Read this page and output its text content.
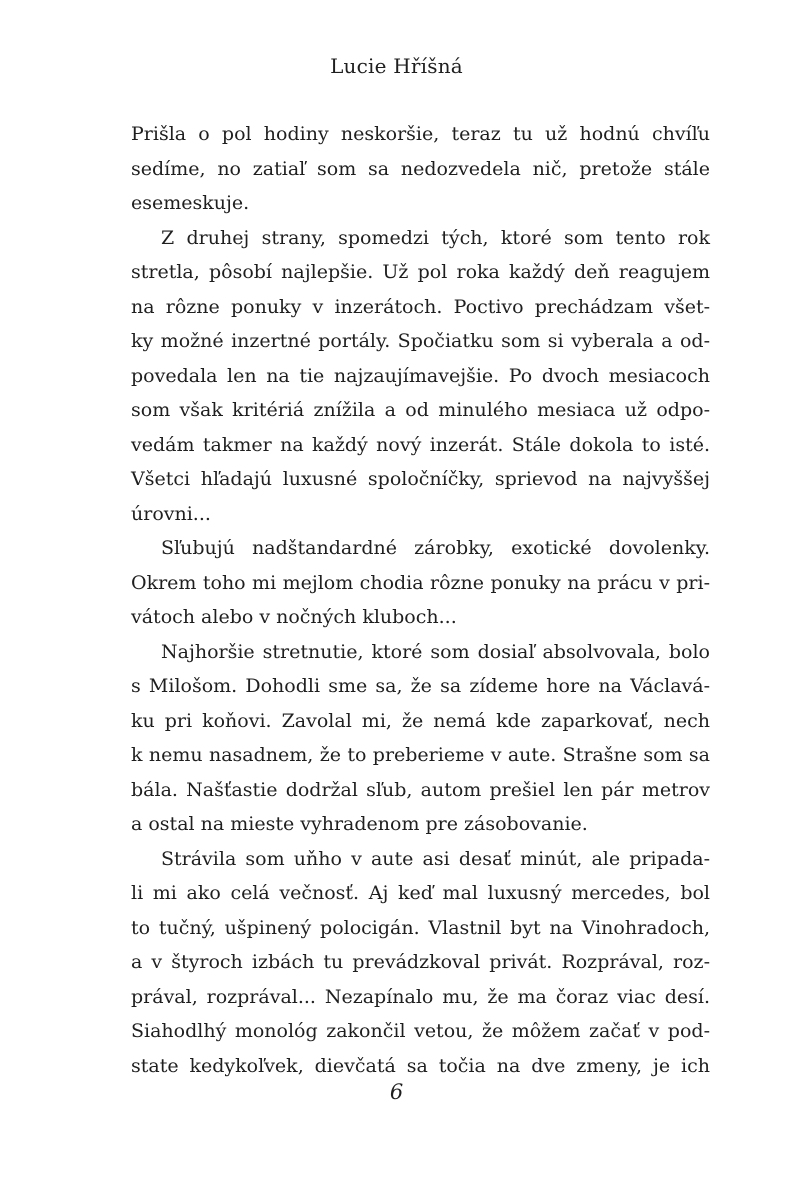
Lucie Hříšná
Prišla o pol hodiny neskoršie, teraz tu už hodnú chvíľu
sedíme, no zatiaľ som sa nedozvedela nič, pretože stále
esemeskuje.
Z druhej strany, spomedzi tých, ktoré som tento rok
stretla, pôsobí najlepšie. Už pol roka každý deň reagujem
na rôzne ponuky v inzerátoch. Poctivo prechádzam všet-
ky možné inzertné portály. Spočiatku som si vyberala a od-
povedala len na tie najzaujímavejšie. Po dvoch mesiacoch
som však kritériá znížila a od minulého mesiaca už odpo-
vedám takmer na každý nový inzerát. Stále dokola to isté.
Všetci hľadajú luxusné spoločníčky, sprievod na najvyššej
úrovni...
Sľubujú nadštandardné zárobky, exotické dovolenky.
Okrem toho mi mejlom chodia rôzne ponuky na prácu v pri-
vátoch alebo v nočných kluboch...
Najhoršie stretnutie, ktoré som dosiaľ absolvovala, bolo
s Milošom. Dohodli sme sa, že sa zídeme hore na Václavá-
ku pri koňovi. Zavolal mi, že nemá kde zaparkovať, nech
k nemu nasadnem, že to preberieme v aute. Strašne som sa
bála. Našťastie dodržal sľub, autom prešiel len pár metrov
a ostal na mieste vyhradenom pre zásobovanie.
Strávila som uňho v aute asi desať minút, ale pripada-
li mi ako celá večnosť. Aj keď mal luxusný mercedes, bol
to tučný, ušpinený polocigán. Vlastnil byt na Vinohradoch,
a v štyroch izbách tu prevádzkoval privát. Rozprával, roz-
prával, rozprával... Nezapínalo mu, že ma čoraz viac desí.
Siahodlhý monológ zakončil vetou, že môžem začať v pod-
state kedykoľvek, dievčatá sa točia na dve zmeny, je ich
6
